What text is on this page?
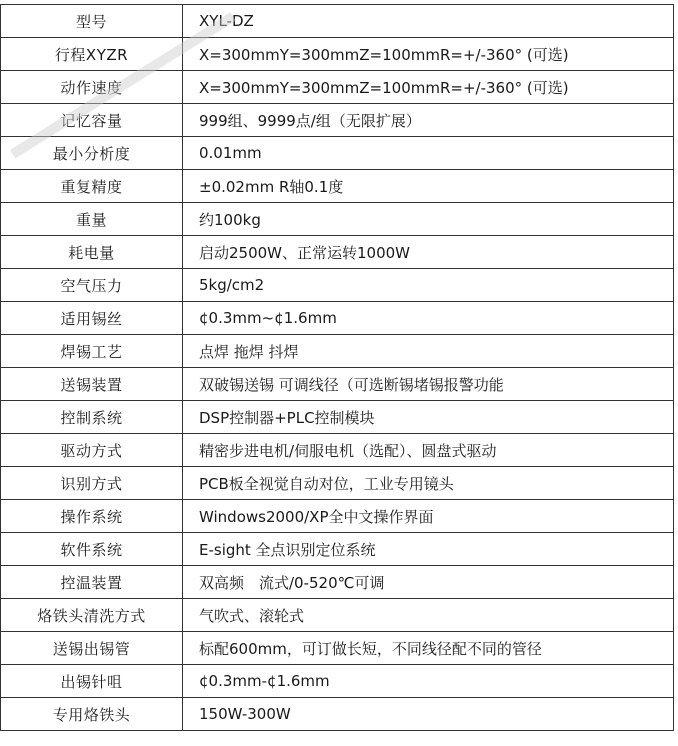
型号	XYL-DZ
行程XYZR	X=300mmY=300mmZ=100mmR=+/-360° (可选)
动作速度	X=300mmY=300mmZ=100mmR=+/-360° (可选)
记忆容量	999组、9999点/组（无限扩展）
最小分析度	0.01mm
重复精度	±0.02mm R轴0.1度
重量	约100kg
耗电量	启动2500W、正常运转1000W
空气压力	5kg/cm2
适用锡丝	¢0.3mm~¢1.6mm
焊锡工艺	点焊 拖焊 抖焊
送锡装置	双破锡送锡 可调线径（可选断锡堵锡报警功能
控制系统	DSP控制器+PLC控制模块
驱动方式	精密步进电机/伺服电机（选配）、圆盘式驱动
识别方式	PCB板全视觉自动对位，工业专用镜头
操作系统	Windows2000/XP全中文操作界面
软件系统	E-sight 全点识别定位系统
控温装置	双高频　流式/0-520℃可调
烙铁头清洗方式	气吹式、滚轮式
送锡出锡管	标配600mm，可订做长短，不同线径配不同的管径
出锡针咀	¢0.3mm-¢1.6mm
专用烙铁头	150W-300W
